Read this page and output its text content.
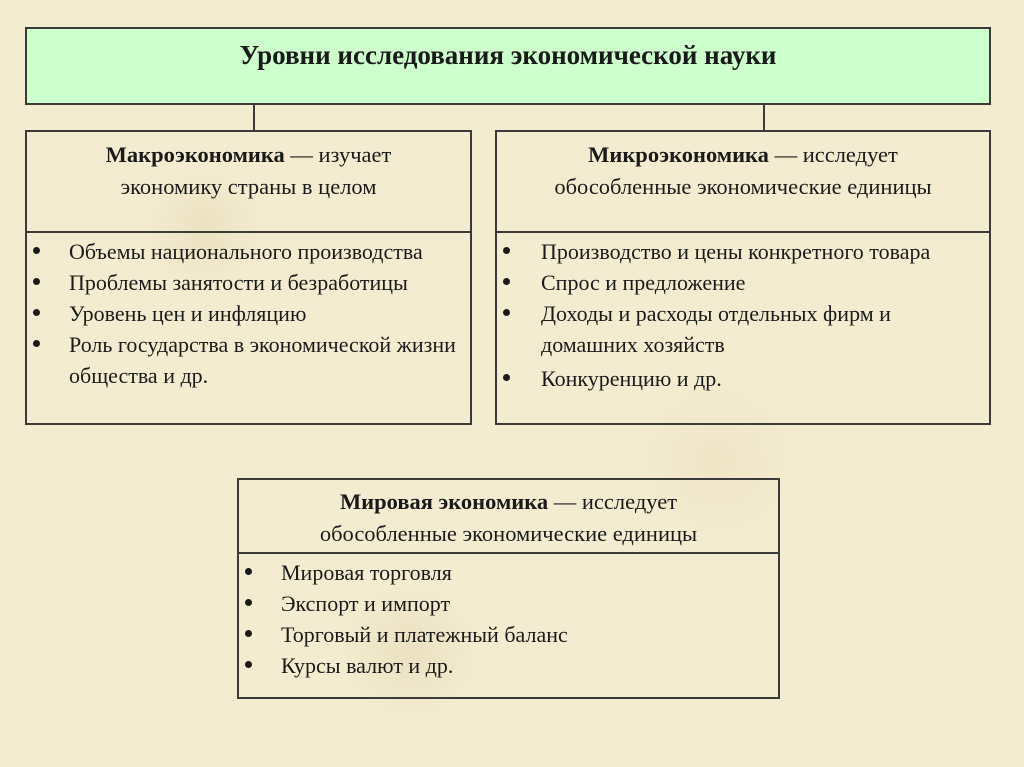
Уровни исследования экономической науки
Макроэкономика — изучает
экономику страны в целом
Объемы национального производства
Проблемы занятости и безработицы
Уровень цен и инфляцию
Роль государства в экономической жизни общества и др.
Микроэкономика — исследует
обособленные экономические единицы
Производство и цены конкретного товара
Спрос и предложение
Доходы и расходы отдельных фирм и домашних хозяйств
Конкуренцию и др.
Мировая экономика — исследует
обособленные экономические единицы
Мировая торговля
Экспорт и импорт
Торговый и платежный баланс
Курсы валют и др.
